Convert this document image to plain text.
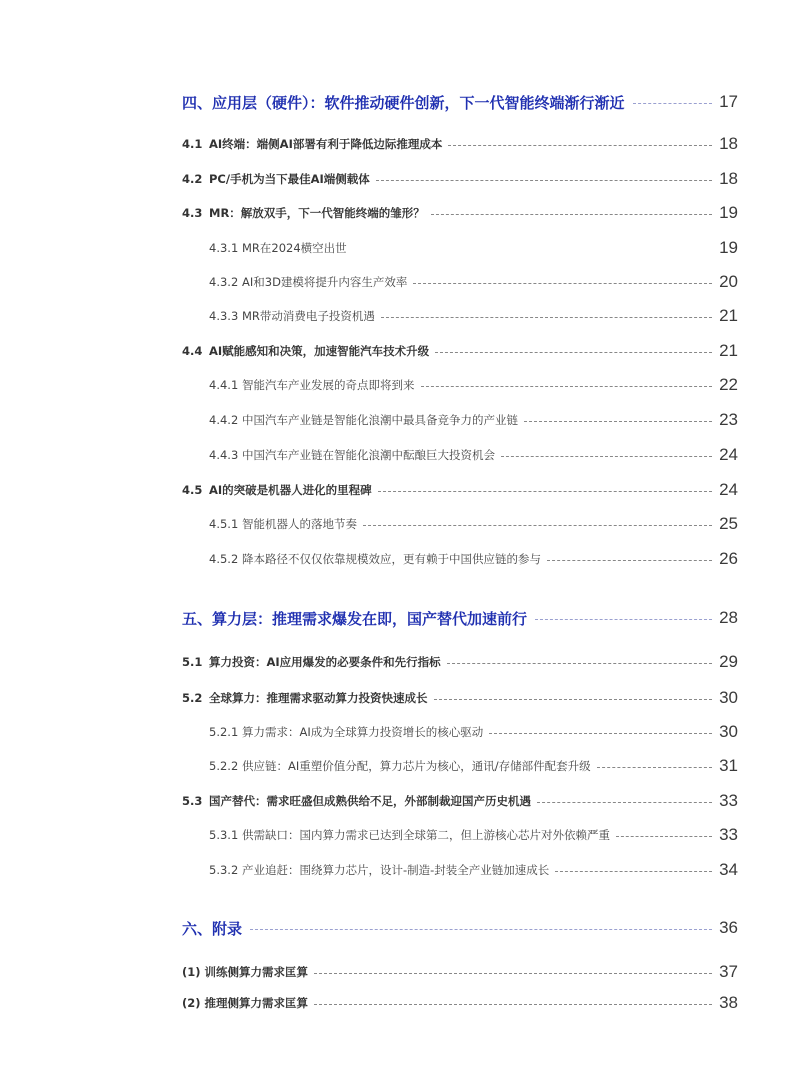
四、应用层（硬件）：软件推动硬件创新，下一代智能终端渐行渐近	17
4.1 AI终端：端侧AI部署有利于降低边际推理成本	18
4.2 PC/手机为当下最佳AI端侧载体	18
4.3 MR：解放双手，下一代智能终端的雏形？	19
4.3.1 MR在2024横空出世	19
4.3.2 AI和3D建模将提升内容生产效率	20
4.3.3 MR带动消费电子投资机遇	21
4.4 AI赋能感知和决策，加速智能汽车技术升级	21
4.4.1 智能汽车产业发展的奇点即将到来	22
4.4.2 中国汽车产业链是智能化浪潮中最具备竞争力的产业链	23
4.4.3 中国汽车产业链在智能化浪潮中酝酿巨大投资机会	24
4.5 AI的突破是机器人进化的里程碑	24
4.5.1 智能机器人的落地节奏	25
4.5.2 降本路径不仅仅依靠规模效应，更有赖于中国供应链的参与	26
五、算力层：推理需求爆发在即，国产替代加速前行	28
5.1 算力投资：AI应用爆发的必要条件和先行指标	29
5.2 全球算力：推理需求驱动算力投资快速成长	30
5.2.1 算力需求：AI成为全球算力投资增长的核心驱动	30
5.2.2 供应链：AI重塑价值分配，算力芯片为核心，通讯/存储部件配套升级	31
5.3 国产替代：需求旺盛但成熟供给不足，外部制裁迎国产历史机遇	33
5.3.1 供需缺口：国内算力需求已达到全球第二，但上游核心芯片对外依赖严重	33
5.3.2 产业追赶：围绕算力芯片，设计-制造-封装全产业链加速成长	34
六、附录	36
(1) 训练侧算力需求匡算	37
(2) 推理侧算力需求匡算	38
